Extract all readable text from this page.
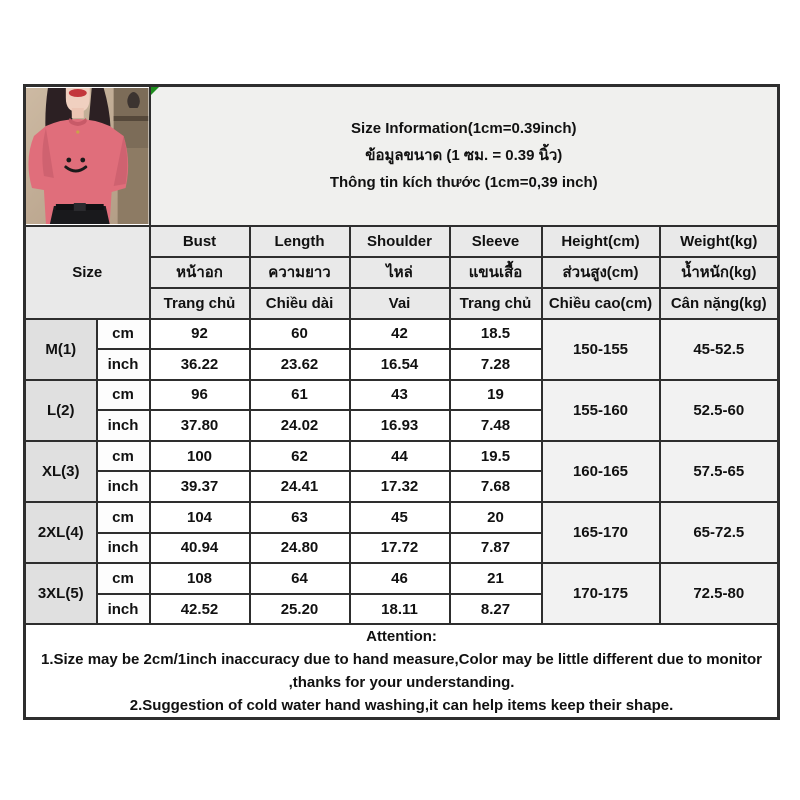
Size Information(1cm=0.39inch)
ข้อมูลขนาด (1 ซม. = 0.39 นิ้ว)
Thông tin kích thước (1cm=0,39 inch)					

Size		Bust	Length	Shoulder	Sleeve	Height(cm)	Weight(kg)
		หน้าอก	ความยาว	ไหล่	แขนเสื้อ	ส่วนสูง(cm)	น้ำหนัก(kg)
		Trang chủ	Chiều dài	Vai	Trang chủ	Chiều cao(cm)	Cân nặng(kg)
M(1)	cm	92	60	42	18.5	150-155	45-52.5
	inch	36.22	23.62	16.54	7.28		
L(2)	cm	96	61	43	19	155-160	52.5-60
	inch	37.80	24.02	16.93	7.48		
XL(3)	cm	100	62	44	19.5	160-165	57.5-65
	inch	39.37	24.41	17.32	7.68		
2XL(4)	cm	104	63	45	20	165-170	65-72.5
	inch	40.94	24.80	17.72	7.87		
3XL(5)	cm	108	64	46	21	170-175	72.5-80
	inch	42.52	25.20	18.11	8.27		

Attention:
1.Size may be 2cm/1inch inaccuracy due to hand measure,Color may be little different due to monitor ,thanks for your understanding.
2.Suggestion of cold water hand washing,it can help items keep their shape.							
